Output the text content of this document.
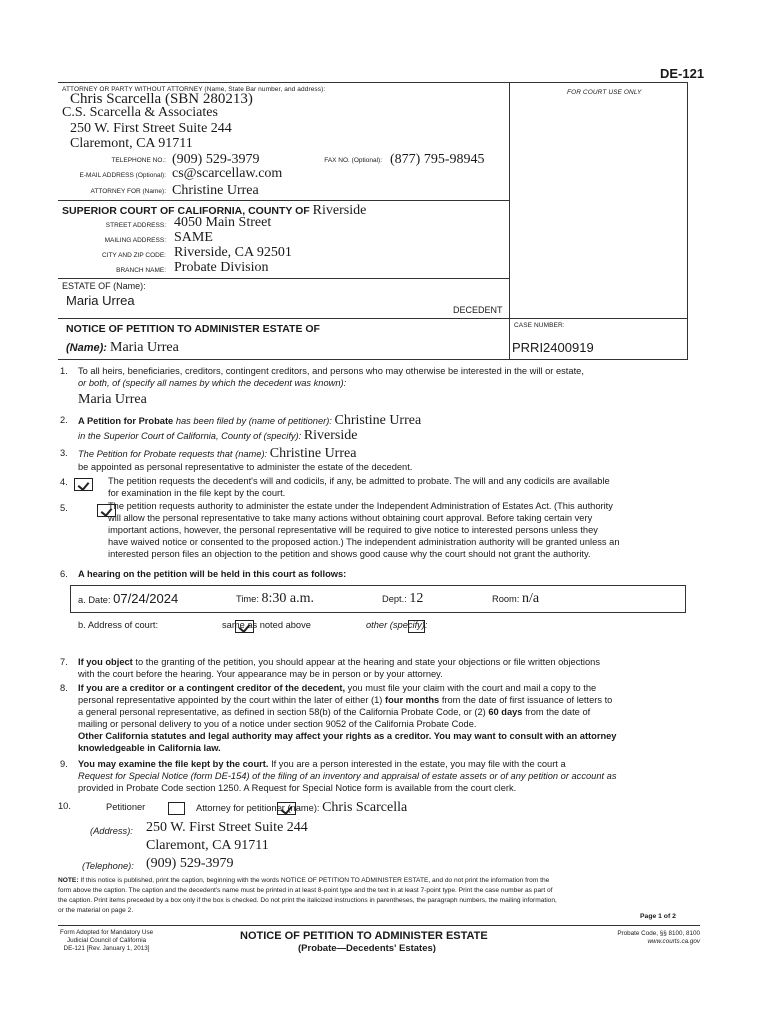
DE-121
ATTORNEY OR PARTY WITHOUT ATTORNEY (Name, State Bar number, and address):	FOR COURT USE ONLY
Chris Scarcella (SBN 280213)
C.S. Scarcella & Associates
250 W. First Street Suite 244
Claremont, CA 91711
TELEPHONE NO.: (909) 529-3979	FAX NO. (Optional): (877) 795-98945
E-MAIL ADDRESS (Optional): cs@scarcellaw.com
ATTORNEY FOR (Name): Christine Urrea
SUPERIOR COURT OF CALIFORNIA, COUNTY OF Riverside
STREET ADDRESS: 4050 Main Street
MAILING ADDRESS: SAME
CITY AND ZIP CODE: Riverside, CA 92501
BRANCH NAME: Probate Division
ESTATE OF (Name):
Maria Urrea
DECEDENT
NOTICE OF PETITION TO ADMINISTER ESTATE OF
(Name): Maria Urrea
CASE NUMBER:
PRRI2400919
1. To all heirs, beneficiaries, creditors, contingent creditors, and persons who may otherwise be interested in the will or estate,
or both, of (specify all names by which the decedent was known):
Maria Urrea
2. A Petition for Probate has been filed by (name of petitioner): Christine Urrea
in the Superior Court of California, County of (specify): Riverside
3. The Petition for Probate requests that (name): Christine Urrea
be appointed as personal representative to administer the estate of the decedent.
4.
	The petition requests the decedent's will and codicils, if any, be admitted to probate. The will and any codicils are available
for examination in the file kept by the court.
5.
	The petition requests authority to administer the estate under the Independent Administration of Estates Act. (This authority
will allow the personal representative to take many actions without obtaining court approval. Before taking certain very
important actions, however, the personal representative will be required to give notice to interested persons unless they
have waived notice or consented to the proposed action.) The independent administration authority will be granted unless an
interested person files an objection to the petition and shows good cause why the court should not grant the authority.
6. A hearing on the petition will be held in this court as follows:
a. Date: 07/24/2024	Time: 8:30 a.m.	Dept.: 12	Room: n/a
b. Address of court:
	same as noted above
	other (specify):
7. If you object to the granting of the petition, you should appear at the hearing and state your objections or file written objections
with the court before the hearing. Your appearance may be in person or by your attorney.
8. If you are a creditor or a contingent creditor of the decedent, you must file your claim with the court and mail a copy to the
personal representative appointed by the court within the later of either (1) four months from the date of first issuance of letters to
a general personal representative, as defined in section 58(b) of the California Probate Code, or (2) 60 days from the date of
mailing or personal delivery to you of a notice under section 9052 of the California Probate Code.
Other California statutes and legal authority may affect your rights as a creditor. You may want to consult with an attorney
knowledgeable in California law.
9. You may examine the file kept by the court. If you are a person interested in the estate, you may file with the court a
Request for Special Notice (form DE-154) of the filing of an inventory and appraisal of estate assets or of any petition or account as
provided in Probate Code section 1250. A Request for Special Notice form is available from the court clerk.
10.
	Petitioner	Attorney for petitioner (name): Chris Scarcella
(Address): 250 W. First Street Suite 244
Claremont, CA 91711
(Telephone): (909) 529-3979
NOTE: If this notice is published, print the caption, beginning with the words NOTICE OF PETITION TO ADMINISTER ESTATE, and do not print the information from the
form above the caption. The caption and the decedent's name must be printed in at least 8-point type and the text in at least 7-point type. Print the case number as part of
the caption. Print items preceded by a box only if the box is checked. Do not print the italicized instructions in parentheses, the paragraph numbers, the mailing information,
or the material on page 2.
Page 1 of 2
Form Adopted for Mandatory Use
Judicial Council of California
DE-121 [Rev. January 1, 2013]
NOTICE OF PETITION TO ADMINISTER ESTATE
(Probate—Decedents' Estates)
Probate Code, §§ 8100, 8100
www.courts.ca.gov
